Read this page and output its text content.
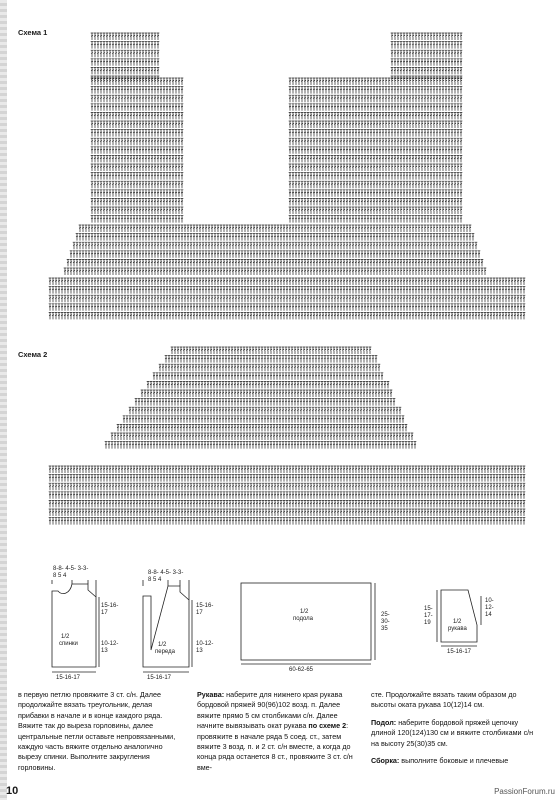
Схема 1
Схема 2
8-8- 4-5- 3-3-
8 5 4
15-16-
17
10-12-
13
1/2
спинки
15-16-17
8-8- 4-5- 3-3-
8 5 4
15-16-
17
10-12-
13
1/2
переда
15-16-17
25-
30-
35
1/2
подола
60-62-65
15-
17-
19
10-
12-
14
1/2
рукава
15-16-17
в первую петлю провяжите 3 ст. с/н. Далее продолжайте вязать треугольник, делая прибавки в начале и в конце каждого ряда. Вяжите так до выреза горловины, далее центральные петли оставьте непровязанными, каждую часть вяжите отдельно аналогично вырезу спинки. Выполните закругления горловины.
Рукава: наберите для нижнего края рукава бордовой пряжей 90(96)102 возд. п. Далее вяжите прямо 5 см столбиками с/н. Далее начните вывязывать окат рукава по схеме 2: провяжите в начале ряда 5 соед. ст., затем вяжите 3 возд. п. и 2 ст. с/н вместе, а когда до конца ряда останется 8 ст., провяжите 3 ст. с/н вме-
сте. Продолжайте вязать таким образом до высоты оката рукава 10(12)14 см.
Подол: наберите бордовой пряжей цепочку длиной 120(124)130 см и вяжите столбиками с/н на высоту 25(30)35 см.
Сборка: выполните боковые и плечевые
10	PassionForum.ru
